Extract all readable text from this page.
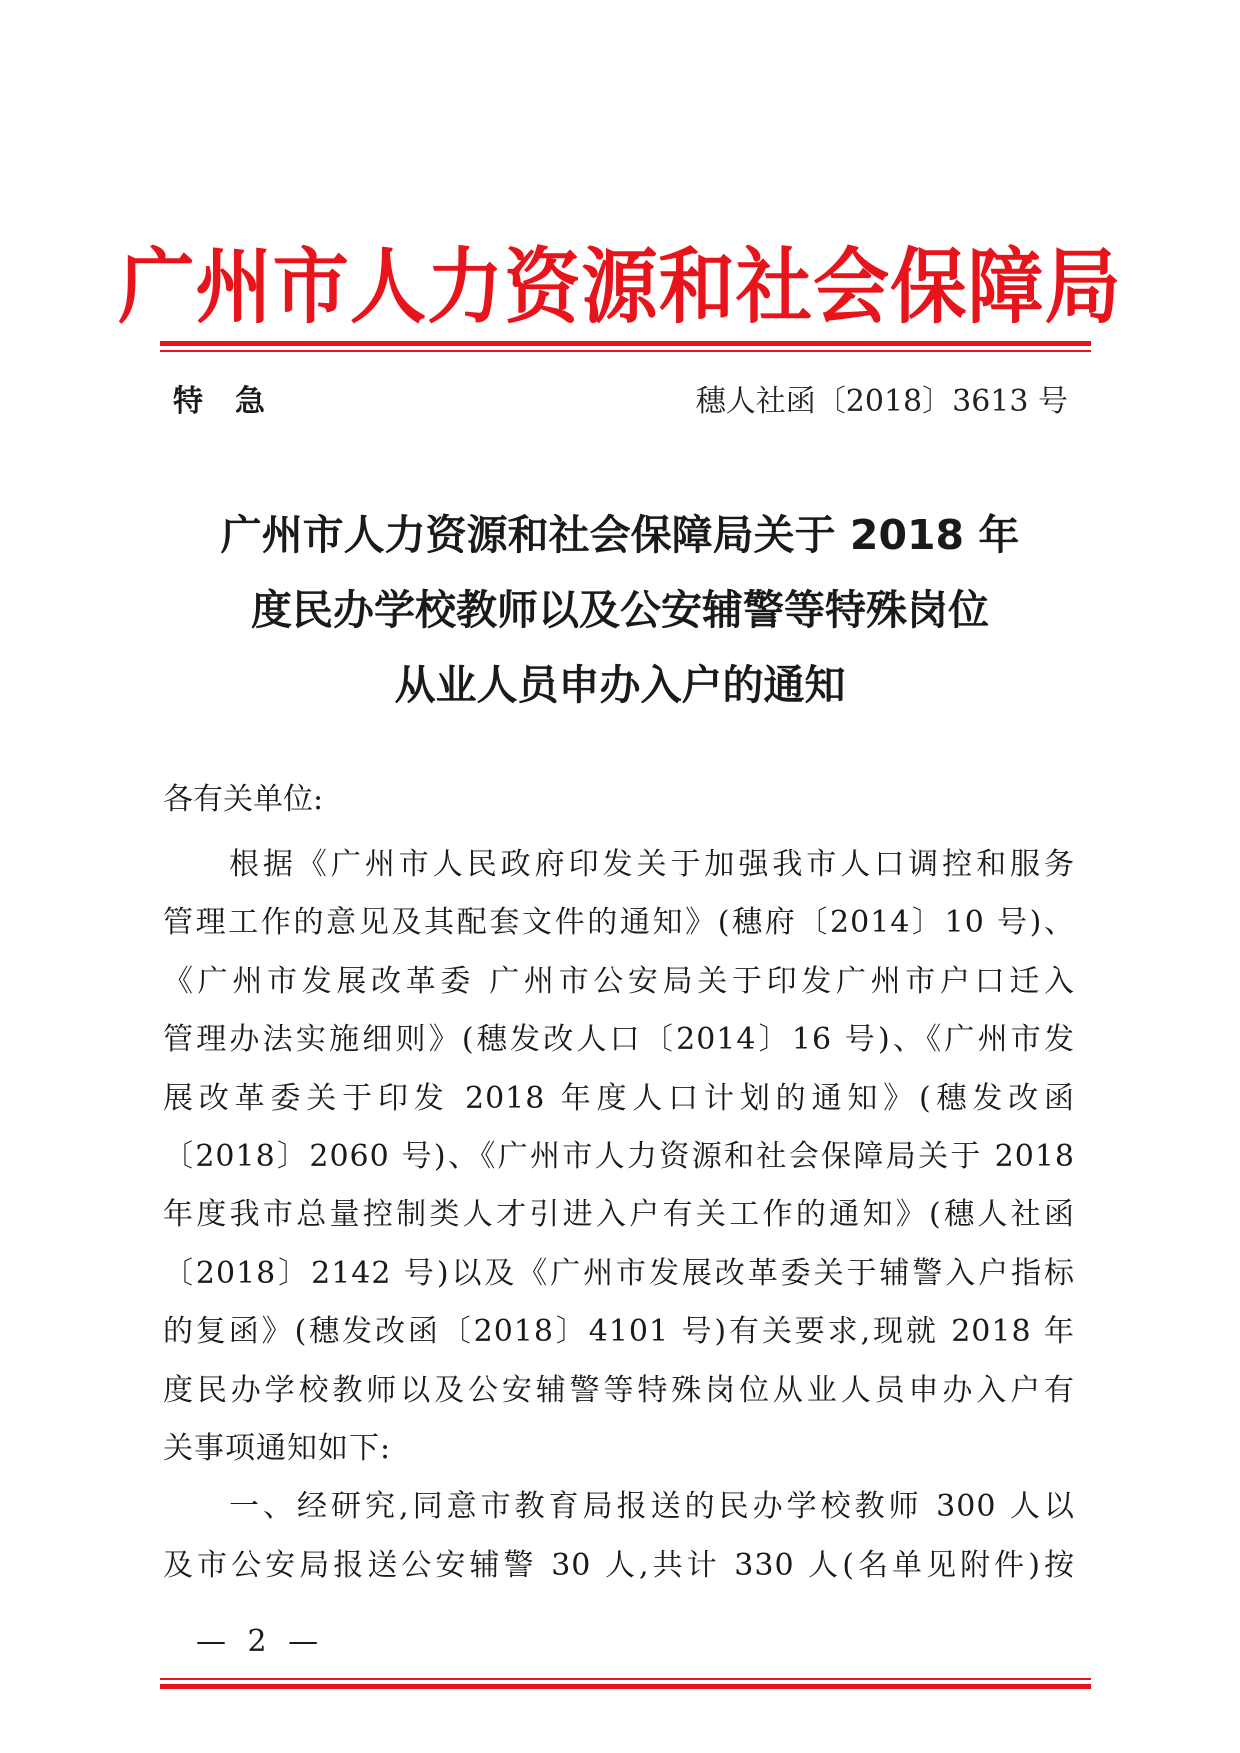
广州市人力资源和社会保障局
特急	穗人社函〔2018〕3613 号
广州市人力资源和社会保障局关于 2018 年
度民办学校教师以及公安辅警等特殊岗位
从业人员申办入户的通知
各有关单位:
根据《广州市人民政府印发关于加强我市人口调控和服务
管理工作的意见及其配套文件的通知》(穗府〔2014〕10 号)、
《广州市发展改革委 广州市公安局关于印发广州市户口迁入
管理办法实施细则》(穗发改人口〔2014〕16 号)、《广州市发
展改革委关于印发 2018 年度人口计划的通知》(穗发改函
〔2018〕2060 号)、《广州市人力资源和社会保障局关于 2018
年度我市总量控制类人才引进入户有关工作的通知》(穗人社函
〔2018〕2142 号)以及《广州市发展改革委关于辅警入户指标
的复函》(穗发改函〔2018〕4101 号)有关要求,现就 2018 年
度民办学校教师以及公安辅警等特殊岗位从业人员申办入户有
关事项通知如下:
一、经研究,同意市教育局报送的民办学校教师 300 人以
及市公安局报送公安辅警 30 人,共计 330 人(名单见附件)按
— 2 —
